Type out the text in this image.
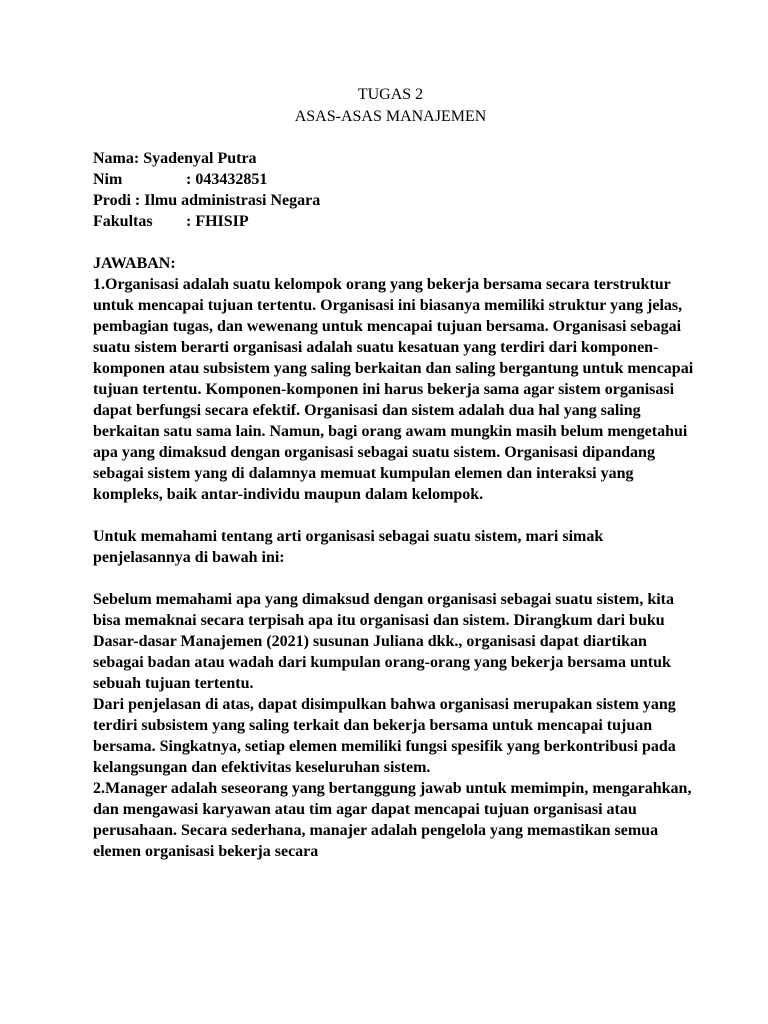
TUGAS 2
ASAS-ASAS MANAJEMEN
Nama: Syadenyal Putra
Nim	: 043432851
Prodi : Ilmu administrasi Negara
Fakultas	: FHISIP

JAWABAN:

1.Organisasi adalah suatu kelompok orang yang bekerja bersama secara terstruktur untuk mencapai tujuan tertentu. Organisasi ini biasanya memiliki struktur yang jelas, pembagian tugas, dan wewenang untuk mencapai tujuan bersama. Organisasi sebagai suatu sistem berarti organisasi adalah suatu kesatuan yang terdiri dari komponen-komponen atau subsistem yang saling berkaitan dan saling bergantung untuk mencapai tujuan tertentu. Komponen-komponen ini harus bekerja sama agar sistem organisasi dapat berfungsi secara efektif. Organisasi dan sistem adalah dua hal yang saling berkaitan satu sama lain. Namun, bagi orang awam mungkin masih belum mengetahui apa yang dimaksud dengan organisasi sebagai suatu sistem. Organisasi dipandang sebagai sistem yang di dalamnya memuat kumpulan elemen dan interaksi yang kompleks, baik antar-individu maupun dalam kelompok.

Untuk memahami tentang arti organisasi sebagai suatu sistem, mari simak penjelasannya di bawah ini:

Sebelum memahami apa yang dimaksud dengan organisasi sebagai suatu sistem, kita bisa memaknai secara terpisah apa itu organisasi dan sistem. Dirangkum dari buku Dasar-dasar Manajemen (2021) susunan Juliana dkk., organisasi dapat diartikan sebagai badan atau wadah dari kumpulan orang-orang yang bekerja bersama untuk sebuah tujuan tertentu.

Dari penjelasan di atas, dapat disimpulkan bahwa organisasi merupakan sistem yang terdiri subsistem yang saling terkait dan bekerja bersama untuk mencapai tujuan bersama. Singkatnya, setiap elemen memiliki fungsi spesifik yang berkontribusi pada kelangsungan dan efektivitas keseluruhan sistem.

2.Manager adalah seseorang yang bertanggung jawab untuk memimpin, mengarahkan, dan mengawasi karyawan atau tim agar dapat mencapai tujuan organisasi atau perusahaan. Secara sederhana, manajer adalah pengelola yang memastikan semua elemen organisasi bekerja secara
